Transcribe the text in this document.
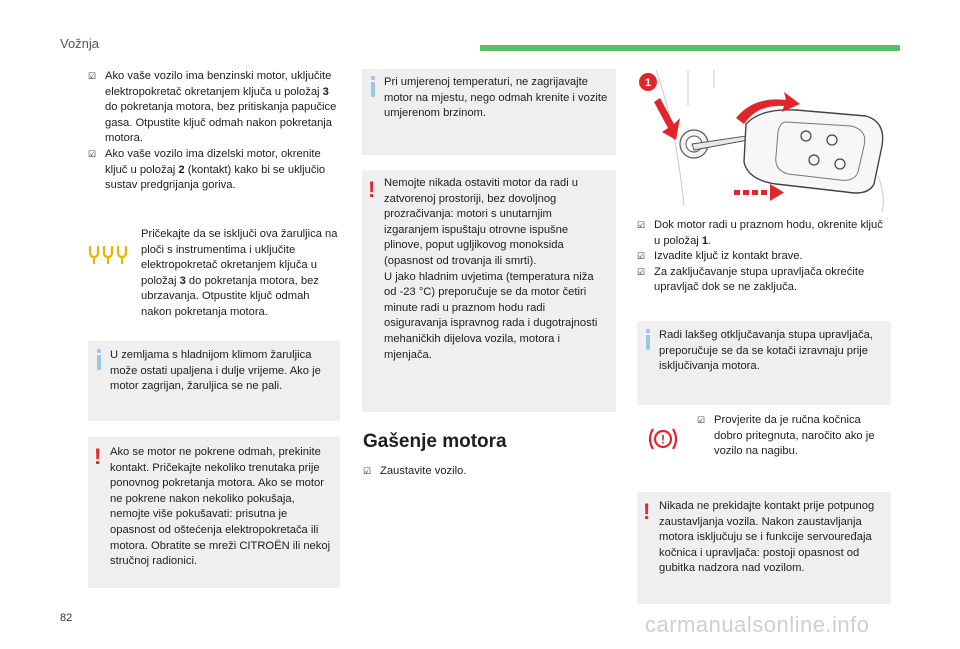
Vožnja
☑ Ako vaše vozilo ima benzinski motor, uključite elektropokretač okretanjem ključa u položaj 3 do pokretanja motora, bez pritiskanja papučice gasa. Otpustite ključ odmah nakon pokretanja motora.
☑ Ako vaše vozilo ima dizelski motor, okrenite ključ u položaj 2 (kontakt) kako bi se uključio sustav predgrijanja goriva.
Pričekajte da se isključi ova žaruljica na ploči s instrumentima i uključite elektropokretač okretanjem ključa u položaj 3 do pokretanja motora, bez ubrzavanja. Otpustite ključ odmah nakon pokretanja motora.
U zemljama s hladnijom klimom žaruljica može ostati upaljena i dulje vrijeme. Ako je motor zagrijan, žaruljica se ne pali.
! Ako se motor ne pokrene odmah, prekinite kontakt. Pričekajte nekoliko trenutaka prije ponovnog pokretanja motora. Ako se motor ne pokrene nakon nekoliko pokušaja, nemojte više pokušavati: prisutna je opasnost od oštećenja elektropokretača ili motora. Obratite se mreži CITROËN ili nekoj stručnoj radionici.
Pri umjerenoj temperaturi, ne zagrijavajte motor na mjestu, nego odmah krenite i vozite umjerenom brzinom.
! Nemojte nikada ostaviti motor da radi u zatvorenoj prostoriji, bez dovoljnog prozračivanja: motori s unutarnjim izgaranjem ispuštaju otrovne ispušne plinove, poput ugljikovog monoksida (opasnost od trovanja ili smrti).
U jako hladnim uvjetima (temperatura niža od -23 °C) preporučuje se da motor četiri minute radi u praznom hodu radi osiguravanja ispravnog rada i dugotrajnosti mehaničkih dijelova vozila, motora i mjenjača.
Gašenje motora
☑ Zaustavite vozilo.
1
☑ Dok motor radi u praznom hodu, okrenite ključ u položaj 1.
☑ Izvadite ključ iz kontakt brave.
☑ Za zaključavanje stupa upravljača okrećite upravljač dok se ne zaključa.
Radi lakšeg otključavanja stupa upravljača, preporučuje se da se kotači izravnaju prije isključivanja motora.
!
☑ Provjerite da je ručna kočnica dobro pritegnuta, naročito ako je vozilo na nagibu.
! Nikada ne prekidajte kontakt prije potpunog zaustavljanja vozila. Nakon zaustavljanja motora isključuju se i funkcije servouređaja kočnica i upravljača: postoji opasnost od gubitka nadzora nad vozilom.
82	carmanualsonline.info
